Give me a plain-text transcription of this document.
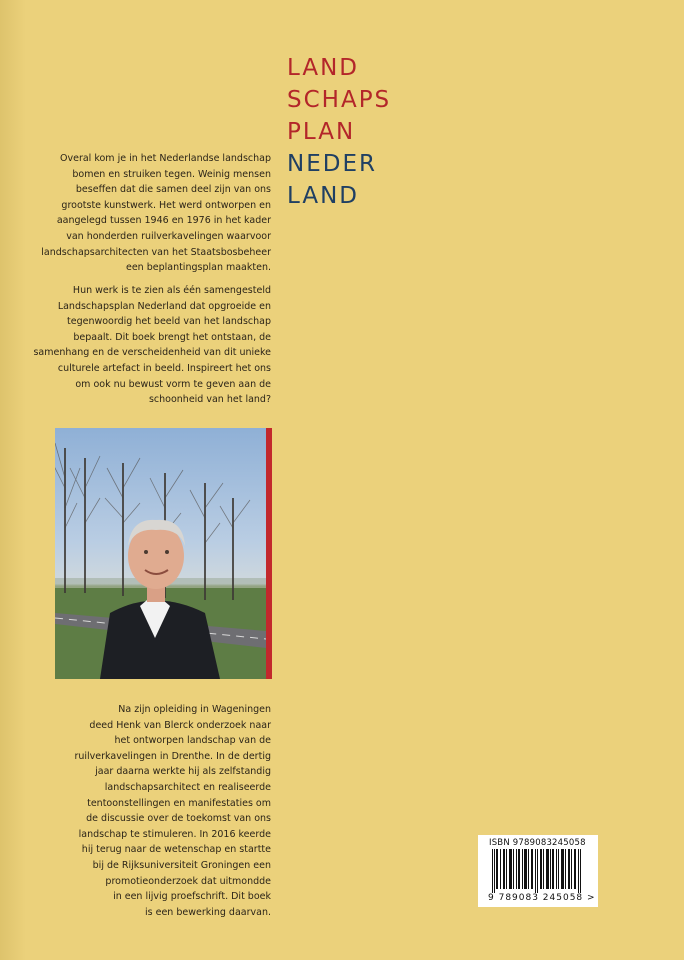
LAND
SCHAPS
PLAN
NEDER
LAND
Overal kom je in het Nederlandse landschap
bomen en struiken tegen. Weinig mensen
beseffen dat die samen deel zijn van ons
grootste kunstwerk. Het werd ontworpen en
aangelegd tussen 1946 en 1976 in het kader
van honderden ruilverkavelingen waarvoor
landschapsarchitecten van het Staatsbosbeheer
een beplantingsplan maakten.
Hun werk is te zien als één samengesteld
Landschapsplan Nederland dat opgroeide en
tegenwoordig het beeld van het landschap
bepaalt. Dit boek brengt het ontstaan, de
samenhang en de verscheidenheid van dit unieke
culturele artefact in beeld. Inspireert het ons
om ook nu bewust vorm te geven aan de
schoonheid van het land?
Na zijn opleiding in Wageningen
deed Henk van Blerck onderzoek naar
het ontworpen landschap van de
ruilverkavelingen in Drenthe. In de dertig
jaar daarna werkte hij als zelfstandig
landschapsarchitect en realiseerde
tentoonstellingen en manifestaties om
de discussie over de toekomst van ons
landschap te stimuleren. In 2016 keerde
hij terug naar de wetenschap en startte
bij de Rijksuniversiteit Groningen een
promotieonderzoek dat uitmondde
in een lijvig proefschrift. Dit boek
is een bewerking daarvan.
ISBN 9789083245058
9 789083 245058 >
